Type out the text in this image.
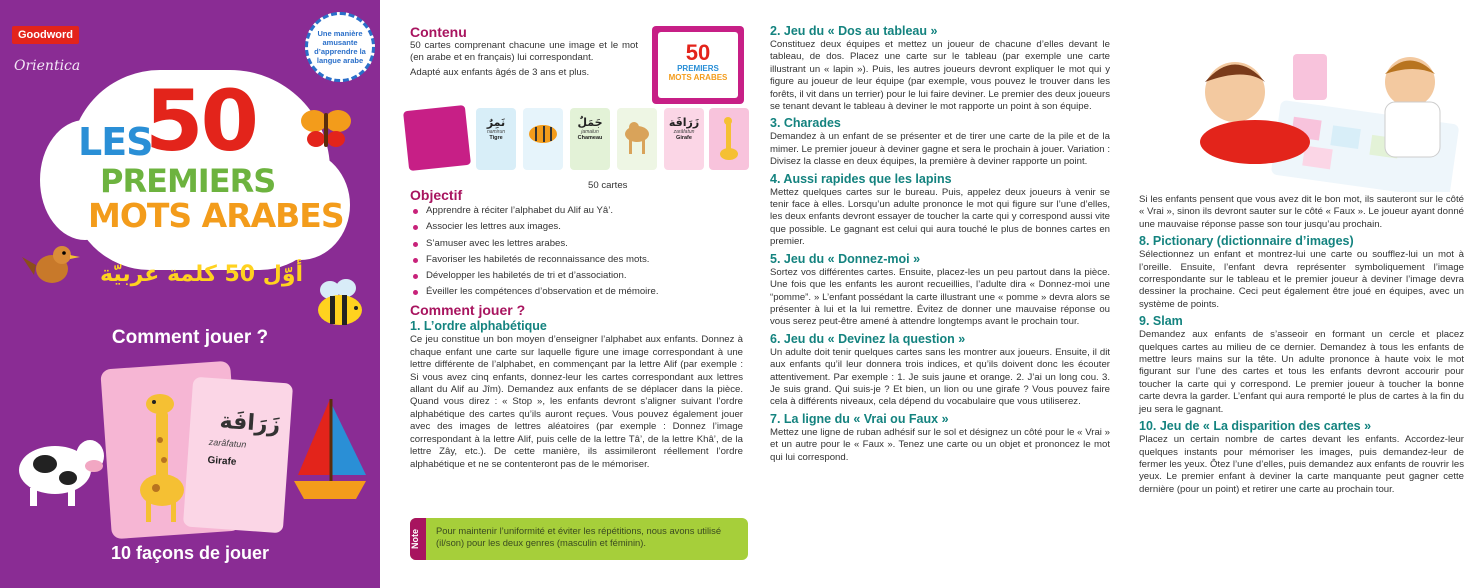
Goodword
Orientica
Une manière amusante d’apprendre la langue arabe
LES
50
PREMIERS
MOTS ARABES
أوّل 50 كلمة عربيّة
Comment jouer ?
زَرَافَة
zarâfatun
Girafe
10 façons de jouer
50
PREMIERS
MOTS ARABES
نَمِرٌ
namirun
Tigre
جَمَلٌ
jamalun
Chameau
زَرَافَة
zarâfatun
Girafe
50 cartes
Contenu

50 cartes comprenant chacune une image et le mot (en arabe et en français) lui correspondant.

Adapté aux enfants âgés de 3 ans et plus.

Objectif
Apprendre à réciter l’alphabet du Alif au Yâ’.
Associer les lettres aux images.
S’amuser avec les lettres arabes.
Favoriser les habiletés de reconnaissance des mots.
Développer les habiletés de tri et d’association.
Éveiller les compétences d’observation et de mémoire.
Comment jouer ?
1. L’ordre alphabétique

Ce jeu constitue un bon moyen d’enseigner l’alphabet aux enfants. Donnez à chaque enfant une carte sur laquelle figure une image correspondant à une lettre différente de l’alphabet, en commençant par la lettre Alif (par exemple : Si vous avez cinq enfants, donnez-leur les cartes correspondant aux lettres allant du Alif au Jîm). Demandez aux enfants de se déplacer dans la pièce. Quand vous direz : « Stop », les enfants devront s’aligner suivant l’ordre alphabétique des cartes qu’ils auront reçues. Vous pouvez également jouer avec des images de lettres aléatoires (par exemple : Donnez l’image correspondant à la lettre Alif, puis celle de la lettre Tâ’, de la lettre Khâ’, de la lettre Zây, etc.). De cette manière, ils assimileront réellement l’ordre alphabétique et ne se contenteront pas de le mémoriser.

Note	Pour maintenir l’uniformité et éviter les répétitions, nous avons utilisé (il/son) pour les deux genres (masculin et féminin).
2. Jeu du « Dos au tableau »

Constituez deux équipes et mettez un joueur de chacune d’elles devant le tableau, de dos. Placez une carte sur le tableau (par exemple une carte illustrant un « lapin »). Puis, les autres joueurs devront expliquer le mot qui y figure au joueur de leur équipe (par exemple, vous pouvez le trouver dans les forêts, il vit dans un terrier) pour le lui faire deviner. Le premier des deux joueurs se tenant devant le tableau à deviner le mot rapporte un point à son équipe.

3. Charades

Demandez à un enfant de se présenter et de tirer une carte de la pile et de la mimer. Le premier joueur à deviner gagne et sera le prochain à jouer. Variation : Divisez la classe en deux équipes, la première à deviner rapporte un point.

4. Aussi rapides que les lapins

Mettez quelques cartes sur le bureau. Puis, appelez deux joueurs à venir se tenir face à elles. Lorsqu’un adulte prononce le mot qui figure sur l’une d’elles, les deux enfants devront essayer de toucher la carte qui y correspond aussi vite que possible. Le gagnant est celui qui aura touché le plus de bonnes cartes en premier.

5. Jeu du « Donnez-moi »

Sortez vos différentes cartes. Ensuite, placez-les un peu partout dans la pièce. Une fois que les enfants les auront recueillies, l’adulte dira « Donnez-moi une “pomme”. » L’enfant possédant la carte illustrant une « pomme » devra alors se présenter à lui et la lui remettre. Évitez de donner une mauvaise réponse ou vous serez peut-être amené à attendre longtemps avant le prochain tour.

6. Jeu du « Devinez la question »

Un adulte doit tenir quelques cartes sans les montrer aux joueurs. Ensuite, il dit aux enfants qu’il leur donnera trois indices, et qu’ils doivent donc les écouter attentivement. Par exemple : 1. Je suis jaune et orange. 2. J’ai un long cou. 3. Je suis grand. Qui suis-je ? Et bien, un lion ou une girafe ? Vous pouvez faire cela à différents niveaux, cela dépend du vocabulaire que vous utiliserez.

7. La ligne du « Vrai ou Faux »

Mettez une ligne de ruban adhésif sur le sol et désignez un côté pour le « Vrai » et un autre pour le « Faux ». Tenez une carte ou un objet et prononcez le mot qui lui correspond.

Si les enfants pensent que vous avez dit le bon mot, ils sauteront sur le côté « Vrai », sinon ils devront sauter sur le côté « Faux ». Le joueur ayant donné une mauvaise réponse passe son tour jusqu’au prochain.

8. Pictionary (dictionnaire d’images)

Sélectionnez un enfant et montrez-lui une carte ou soufflez-lui un mot à l’oreille. Ensuite, l’enfant devra représenter symboliquement l’image correspondante sur le tableau et le premier joueur à deviner l’image devra dessiner la prochaine. Ceci peut également être joué en équipes, avec un système de points.

9. Slam

Demandez aux enfants de s’asseoir en formant un cercle et placez quelques cartes au milieu de ce dernier. Demandez à tous les enfants de mettre leurs mains sur la tête. Un adulte prononce à haute voix le mot figurant sur l’une des cartes et tous les enfants devront accourir pour toucher la carte qui y correspond. Le premier joueur à toucher la bonne carte devra la garder. L’enfant qui aura remporté le plus de cartes à la fin du jeu sera le gagnant.

10. Jeu de « La disparition des cartes »

Placez un certain nombre de cartes devant les enfants. Accordez-leur quelques instants pour mémoriser les images, puis demandez-leur de fermer les yeux. Ôtez l’une d’elles, puis demandez aux enfants de rouvrir les yeux. Le premier enfant à deviner la carte manquante peut gagner cette dernière (pour un point) et retirer une carte au prochain tour.
